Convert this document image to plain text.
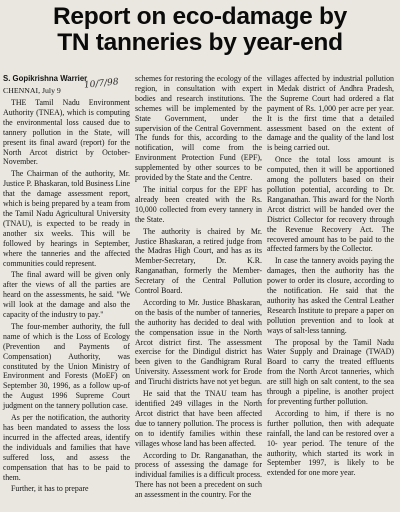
Report on eco-damage by
TN tanneries by year-end
10/7/98

S. Gopikrishna Warrier

CHENNAI, July 9

THE Tamil Nadu Environment Authority (TNEA), which is computing the environmental loss caused due to tannery pollution in the State, will present its final award (report) for the North Arcot district by October-November.

The Chairman of the authority, Mr. Justice P. Bhaskaran, told Business Line that the damage assessment report, which is being prepared by a team from the Tamil Nadu Agricultural University (TNAU), is expected to be ready in another six weeks. This will be followed by hearings in September, where the tanneries and the affected communities could represent.

The final award will be given only after the views of all the parties are heard on the assessments, he said. "We will look at the damage and also the capacity of the industry to pay."

The four-member authority, the full name of which is the Loss of Ecology (Prevention and Payments of Compensation) Authority, was constituted by the Union Ministry of Environment and Forests (MoEF) on September 30, 1996, as a follow up-of the August 1996 Supreme Court judgment on the tannery pollution case.

As per the notification, the authority has been mandated to assess the loss incurred in the affected areas, identify the individuals and families that have suffered loss, and assess the compensation that has to be paid to them.

Further, it has to prepare

schemes for restoring the ecology of the region, in consultation with expert bodies and research institutions. The schemes will be implemented by the State Government, under the supervision of the Central Government. The funds for this, according to the notification, will come from the Environment Protection Fund (EPF), supplemented by other sources to be provided by the State and the Centre.

The initial corpus for the EPF has already been created with the Rs. 10,000 collected from every tannery in the State.

The authority is chaired by Mr. Justice Bhaskaran, a retired judge from the Madras High Court, and has as its Member-Secretary, Dr. K.R. Ranganathan, formerly the Member-Secretary of the Central Pollution Control Board.

According to Mr. Justice Bhaskaran, on the basis of the number of tanneries, the authority has decided to deal with the compensation issue in the North Arcot district first. The assessment exercise for the Dindigul district has been given to the Gandhigram Rural University. Assessment work for Erode and Tiruchi districts have not yet begun.

He said that the TNAU team has identified 249 villages in the North Arcot district that have been affected due to tannery pollution. The process is on to identify families within these villages whose land has been affected.

According to Dr. Ranganathan, the process of assessing the damage for individual families is a difficult process. There has not been a precedent on such an assessment in the country. For the

villages affected by industrial pollution in Medak district of Andhra Pradesh, the Supreme Court had ordered a flat payment of Rs. 1,000 per acre per year. It is the first time that a detailed assessment based on the extent of damage and the quality of the land lost is being carried out.

Once the total loss amount is computed, then it will be apportioned among the polluters based on their pollution potential, according to Dr. Ranganathan. This award for the North Arcot district will be handed over the District Collector for recovery through the Revenue Recovery Act. The recovered amount has to be paid to the affected farmers by the Collector.

In case the tannery avoids paying the damages, then the authority has the power to order its closure, according to the notification. He said that the authority has asked the Central Leather Research Institute to prepare a paper on pollution prevention and to look at ways of salt-less tanning.

The proposal by the Tamil Nadu Water Supply and Drainage (TWAD) Board to carry the treated effluents from the North Arcot tanneries, which are still high on salt content, to the sea through a pipeline, is another project for preventing further pollution.

According to him, if there is no further pollution, then with adequate rainfall, the land can be restored over a 10- year period. The tenure of the authority, which started its work in September 1997, is likely to be extended for one more year.
